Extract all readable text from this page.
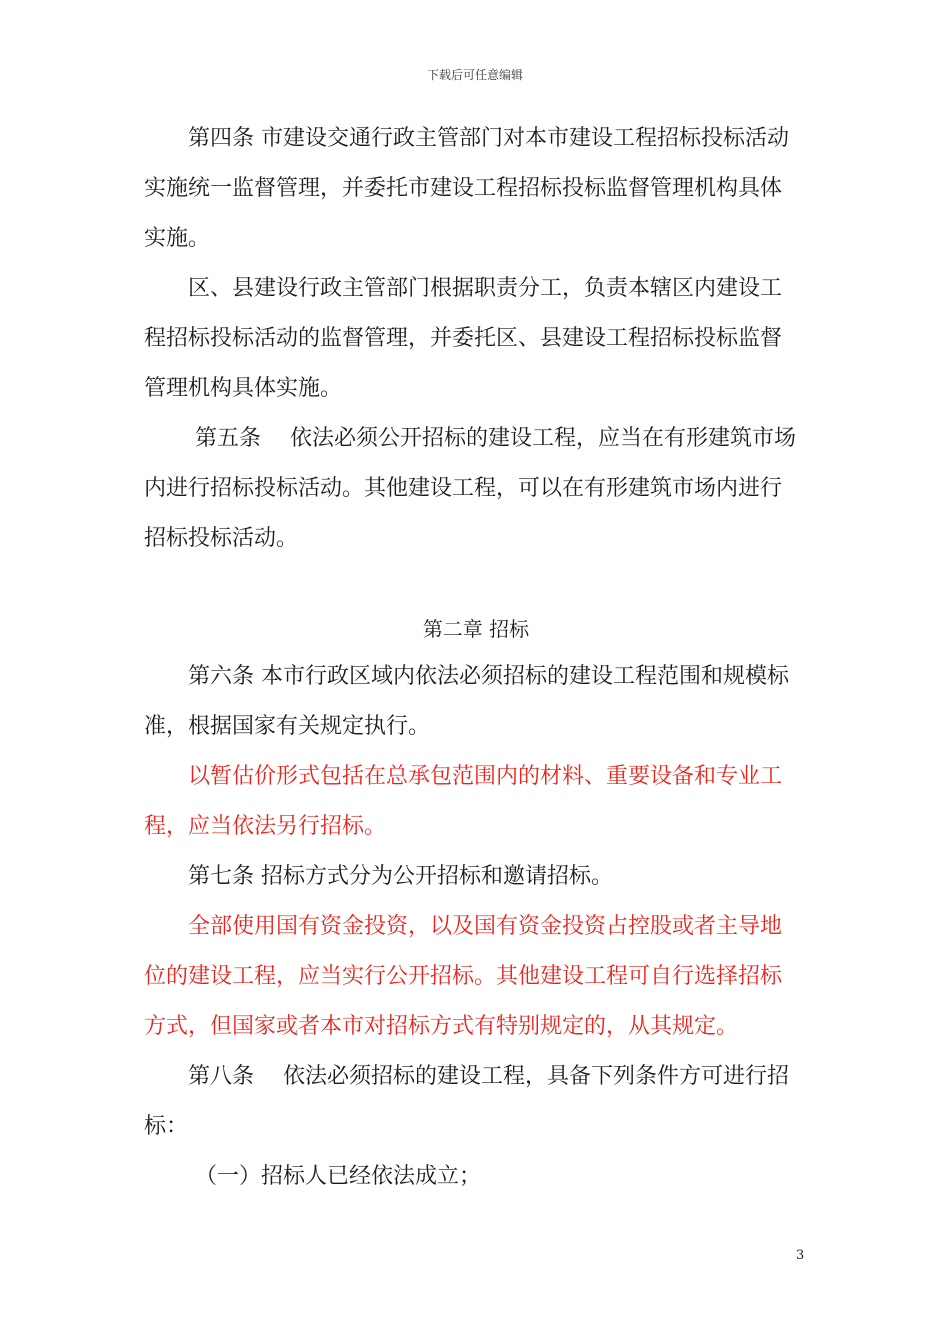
下载后可任意编辑
　　第四条 市建设交通行政主管部门对本市建设工程招标投标活动
实施统一监督管理，并委托市建设工程招标投标监督管理机构具体
实施。
　　区、县建设行政主管部门根据职责分工，负责本辖区内建设工
程招标投标活动的监督管理，并委托区、县建设工程招标投标监督
管理机构具体实施。
　　 第五条　 依法必须公开招标的建设工程，应当在有形建筑市场
内进行招标投标活动。其他建设工程，可以在有形建筑市场内进行
招标投标活动。
第二章 招标
　　第六条 本市行政区域内依法必须招标的建设工程范围和规模标
准，根据国家有关规定执行。
　　以暂估价形式包括在总承包范围内的材料、重要设备和专业工
程，应当依法另行招标。
　　第七条 招标方式分为公开招标和邀请招标。
　　全部使用国有资金投资，以及国有资金投资占控股或者主导地
位的建设工程，应当实行公开招标。其他建设工程可自行选择招标
方式，但国家或者本市对招标方式有特别规定的，从其规定。
　　第八条　 依法必须招标的建设工程，具备下列条件方可进行招
标：
　　 （一）招标人已经依法成立；
3
